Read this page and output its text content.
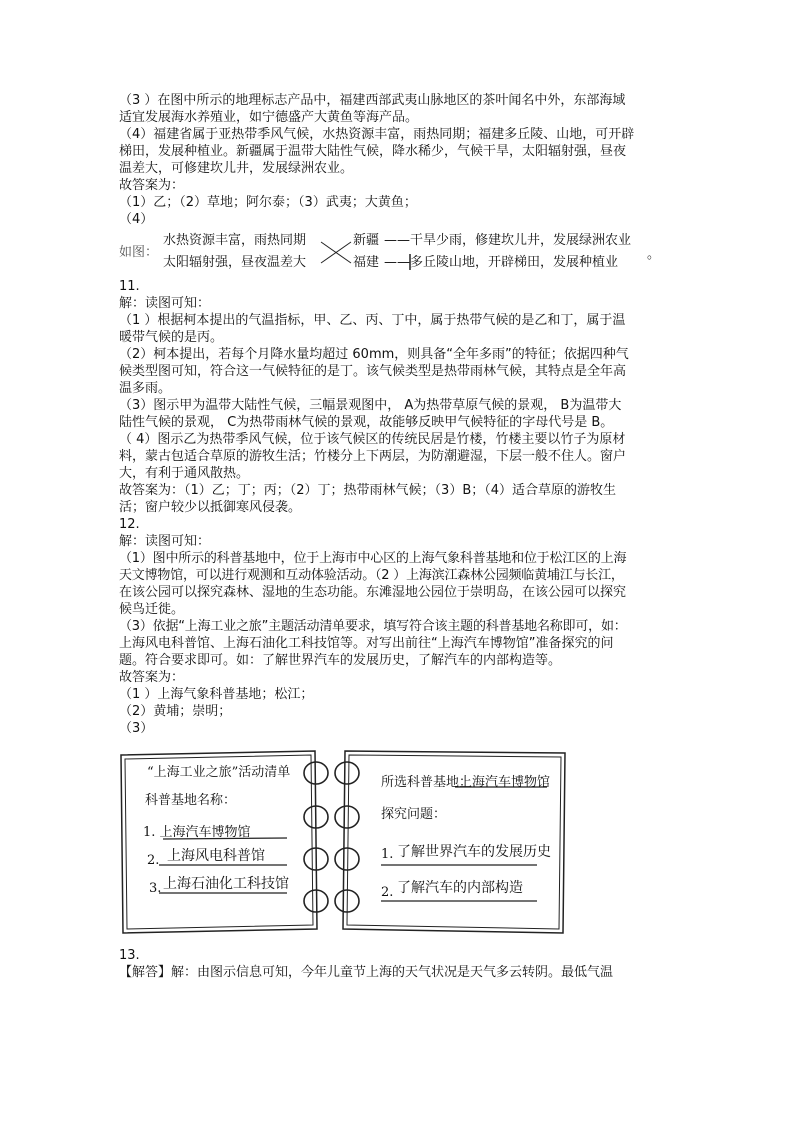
（3 ）在图中所示的地理标志产品中，福建西部武夷山脉地区的茶叶闻名中外，东部海域
适宜发展海水养殖业，如宁德盛产大黄鱼等海产品。
（4）福建省属于亚热带季风气候，水热资源丰富，雨热同期；福建多丘陵、山地，可开辟
梯田，发展种植业。新疆属于温带大陆性气候，降水稀少，气候干旱，太阳辐射强，昼夜
温差大，可修建坎儿井，发展绿洲农业。
故答案为：
（1）乙；（2）草地；阿尔泰；（3）武夷；大黄鱼；
（4）
如图：
水热资源丰富，雨热同期
太阳辐射强，昼夜温差大
新疆
福建
——干旱少雨，修建坎儿井，发展绿洲农业
——多丘陵山地，开辟梯田，发展种植业
。
11.
解：读图可知：
（1 ）根据柯本提出的气温指标，甲、乙、丙、丁中，属于热带气候的是乙和丁，属于温
暖带气候的是丙。
（2）柯本提出，若每个月降水量均超过 60mm，则具备“全年多雨”的特征；依据四种气
候类型图可知，符合这一气候特征的是丁。该气候类型是热带雨林气候，其特点是全年高
温多雨。
（3）图示甲为温带大陆性气候，三幅景观图中， A为热带草原气候的景观， B为温带大
陆性气候的景观， C为热带雨林气候的景观，故能够反映甲气候特征的字母代号是 B。
（ 4）图示乙为热带季风气候，位于该气候区的传统民居是竹楼，竹楼主要以竹子为原材
料，蒙古包适合草原的游牧生活；竹楼分上下两层，为防潮避湿，下层一般不住人。窗户
大，有利于通风散热。
故答案为：（1）乙；丁；丙；（2）丁；热带雨林气候；（3）B；（4）适合草原的游牧生
活；窗户较少以抵御寒风侵袭。
12.
解：读图可知：
（1）图中所示的科普基地中，位于上海市中心区的上海气象科普基地和位于松江区的上海
天文博物馆，可以进行观测和互动体验活动。（2 ）上海滨江森林公园频临黄埔江与长江，
在该公园可以探究森林、湿地的生态功能。东滩湿地公园位于崇明岛，在该公园可以探究
候鸟迁徙。
（3）依据“上海工业之旅”主题活动清单要求，填写符合该主题的科普基地名称即可，如：
上海风电科普馆、上海石油化工科技馆等。对写出前往“上海汽车博物馆”准备探究的问
题。符合要求即可。如：了解世界汽车的发展历史，了解汽车的内部构造等。
故答案为：
（1 ）上海气象科普基地；松江；
（2）黄埔；崇明；
（3）
“上海工业之旅”活动清单
科普基地名称：
1. 上海汽车博物馆
2. 上海风电科普馆
3. 上海石油化工科技馆
所选科普基地：
上海汽车博物馆
探究问题：
1. 了解世界汽车的发展历史
2. 了解汽车的内部构造
13.
【解答】解：由图示信息可知，今年儿童节上海的天气状况是天气多云转阴。最低气温
